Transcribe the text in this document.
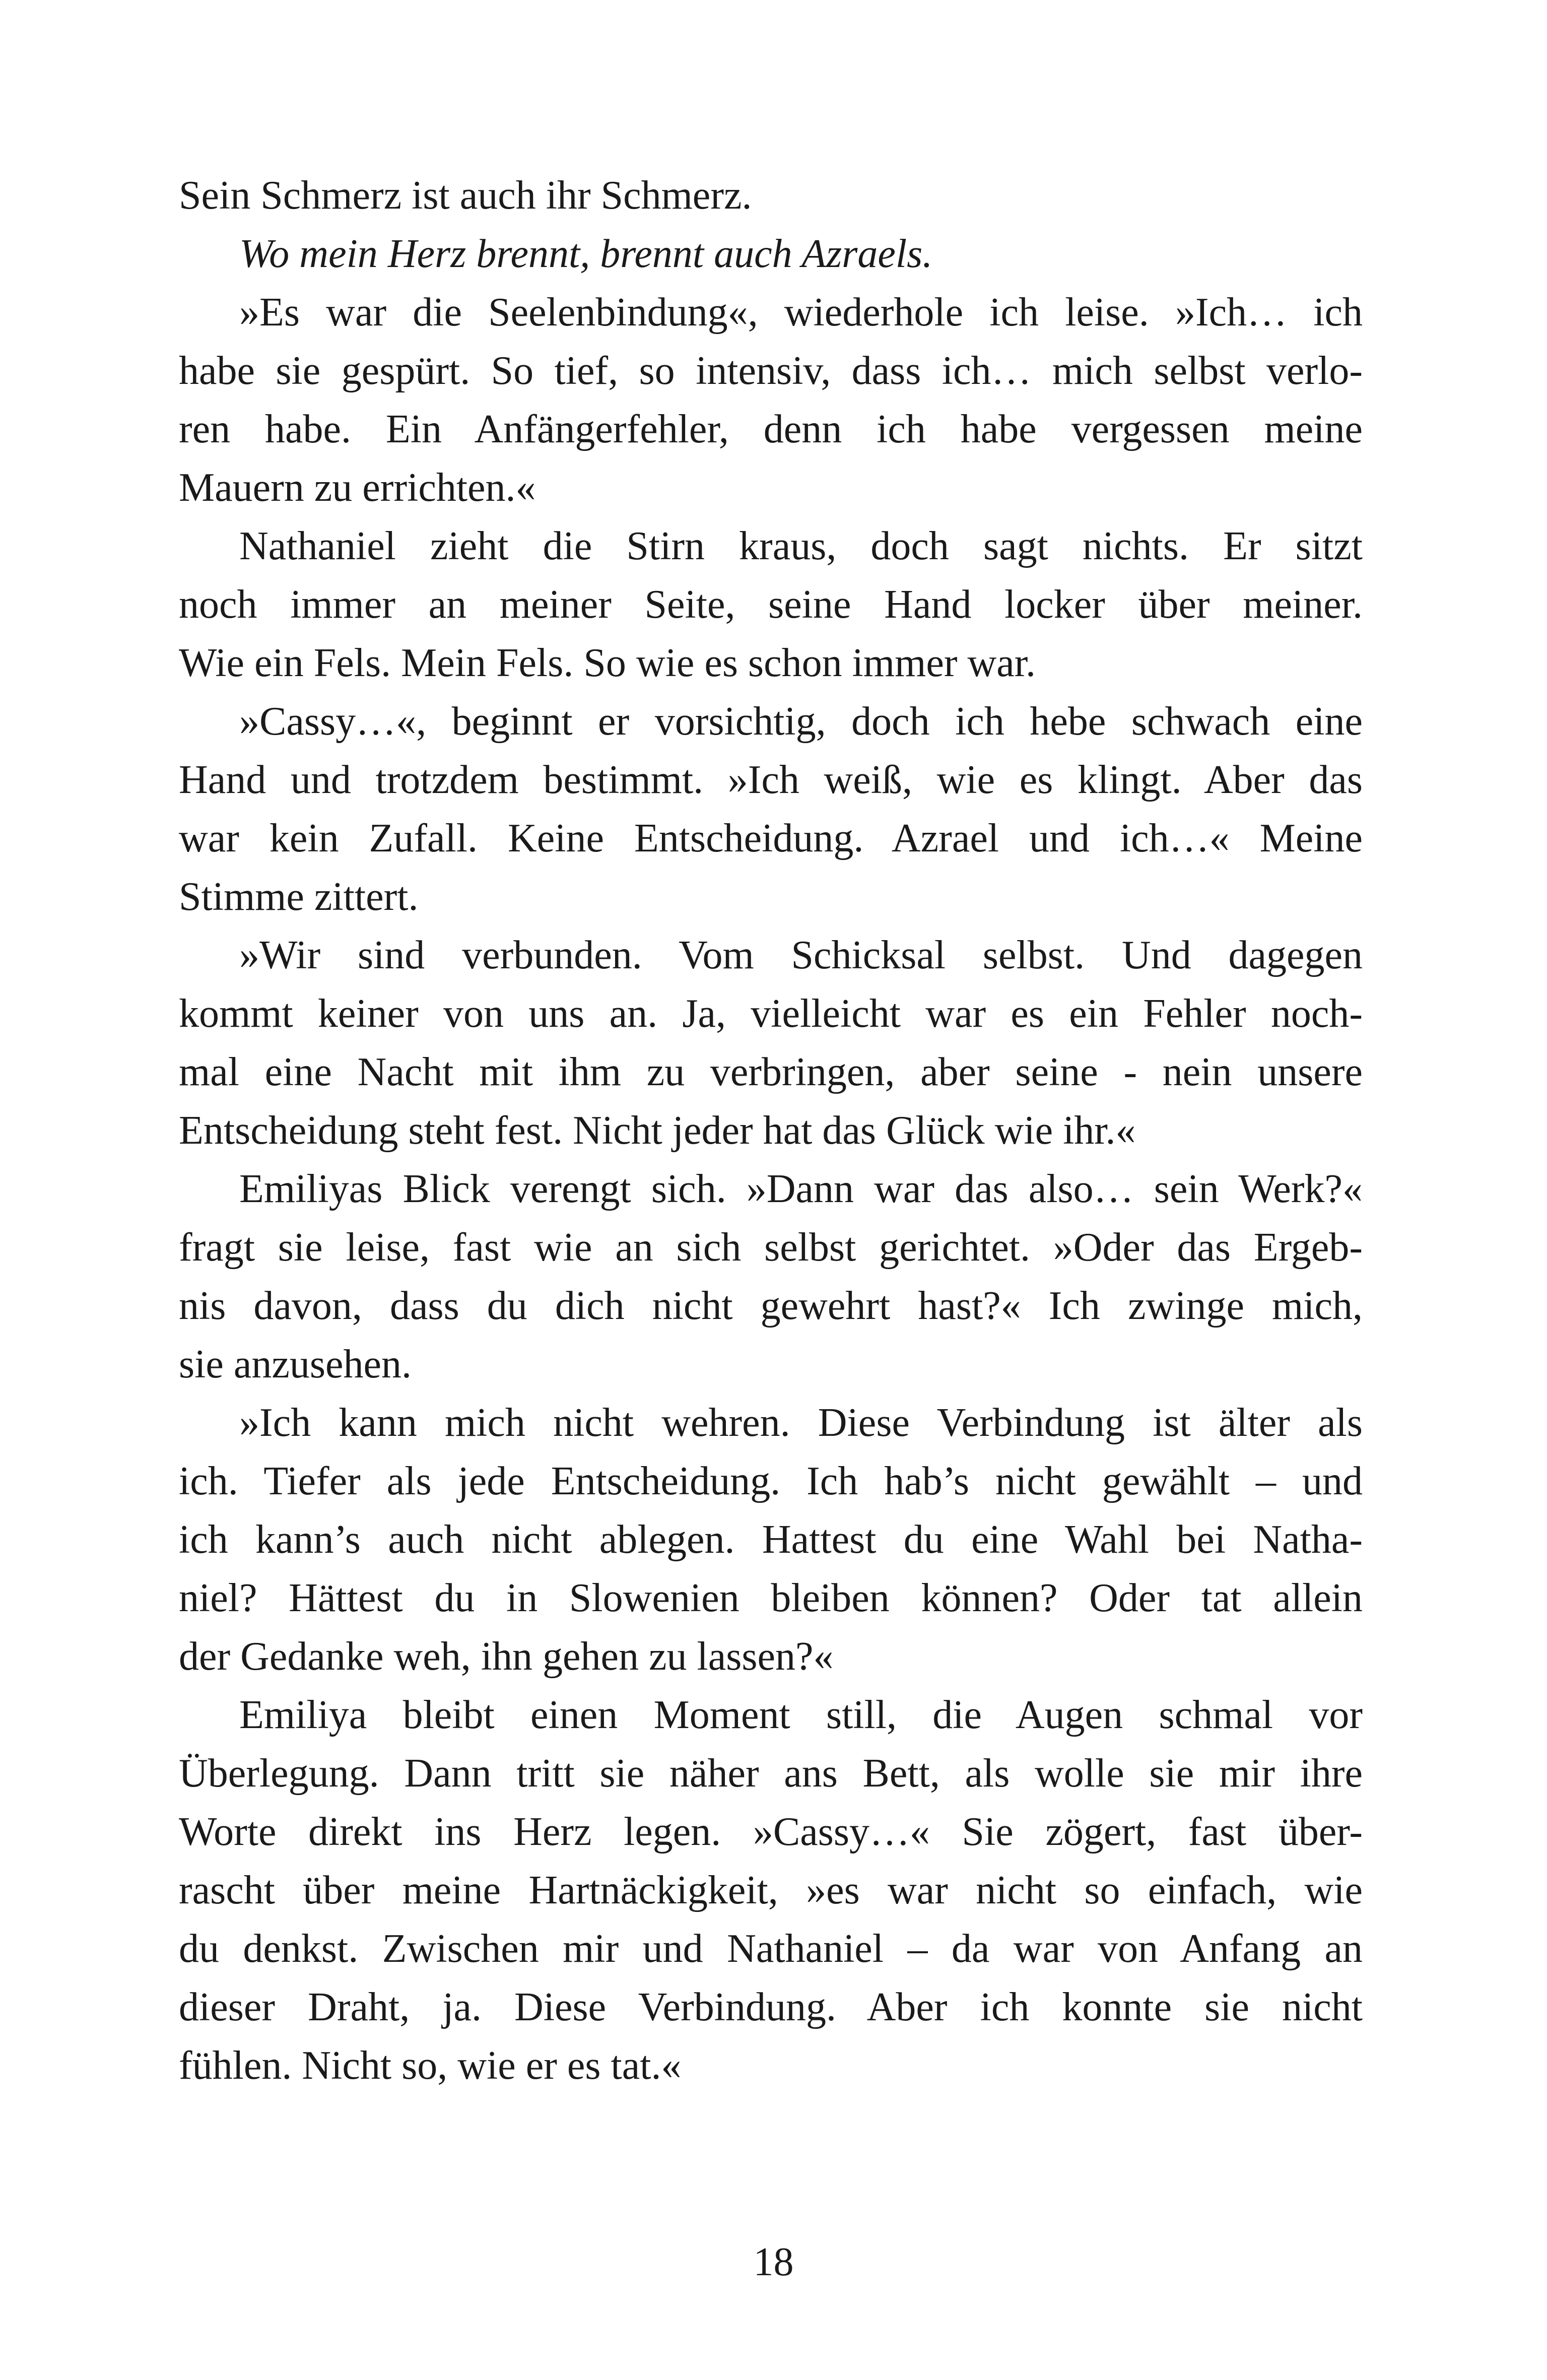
Sein Schmerz ist auch ihr Schmerz.
Wo mein Herz brennt, brennt auch Azraels.
»Es war die Seelenbindung«, wiederhole ich leise. »Ich… ich
habe sie gespürt. So tief, so intensiv, dass ich… mich selbst verlo-
ren habe. Ein Anfängerfehler, denn ich habe vergessen meine
Mauern zu errichten.«
Nathaniel zieht die Stirn kraus, doch sagt nichts. Er sitzt
noch immer an meiner Seite, seine Hand locker über meiner.
Wie ein Fels. Mein Fels. So wie es schon immer war.
»Cassy…«, beginnt er vorsichtig, doch ich hebe schwach eine
Hand und trotzdem bestimmt. »Ich weiß, wie es klingt. Aber das
war kein Zufall. Keine Entscheidung. Azrael und ich…« Meine
Stimme zittert.
»Wir sind verbunden. Vom Schicksal selbst. Und dagegen
kommt keiner von uns an. Ja, vielleicht war es ein Fehler noch-
mal eine Nacht mit ihm zu verbringen, aber seine - nein unsere
Entscheidung steht fest. Nicht jeder hat das Glück wie ihr.«
Emiliyas Blick verengt sich. »Dann war das also… sein Werk?«
fragt sie leise, fast wie an sich selbst gerichtet. »Oder das Ergeb-
nis davon, dass du dich nicht gewehrt hast?« Ich zwinge mich,
sie anzusehen.
»Ich kann mich nicht wehren. Diese Verbindung ist älter als
ich. Tiefer als jede Entscheidung. Ich hab’s nicht gewählt – und
ich kann’s auch nicht ablegen. Hattest du eine Wahl bei Natha-
niel? Hättest du in Slowenien bleiben können? Oder tat allein
der Gedanke weh, ihn gehen zu lassen?«
Emiliya bleibt einen Moment still, die Augen schmal vor
Überlegung. Dann tritt sie näher ans Bett, als wolle sie mir ihre
Worte direkt ins Herz legen. »Cassy…« Sie zögert, fast über-
rascht über meine Hartnäckigkeit, »es war nicht so einfach, wie
du denkst. Zwischen mir und Nathaniel – da war von Anfang an
dieser Draht, ja. Diese Verbindung. Aber ich konnte sie nicht
fühlen. Nicht so, wie er es tat.«
18
